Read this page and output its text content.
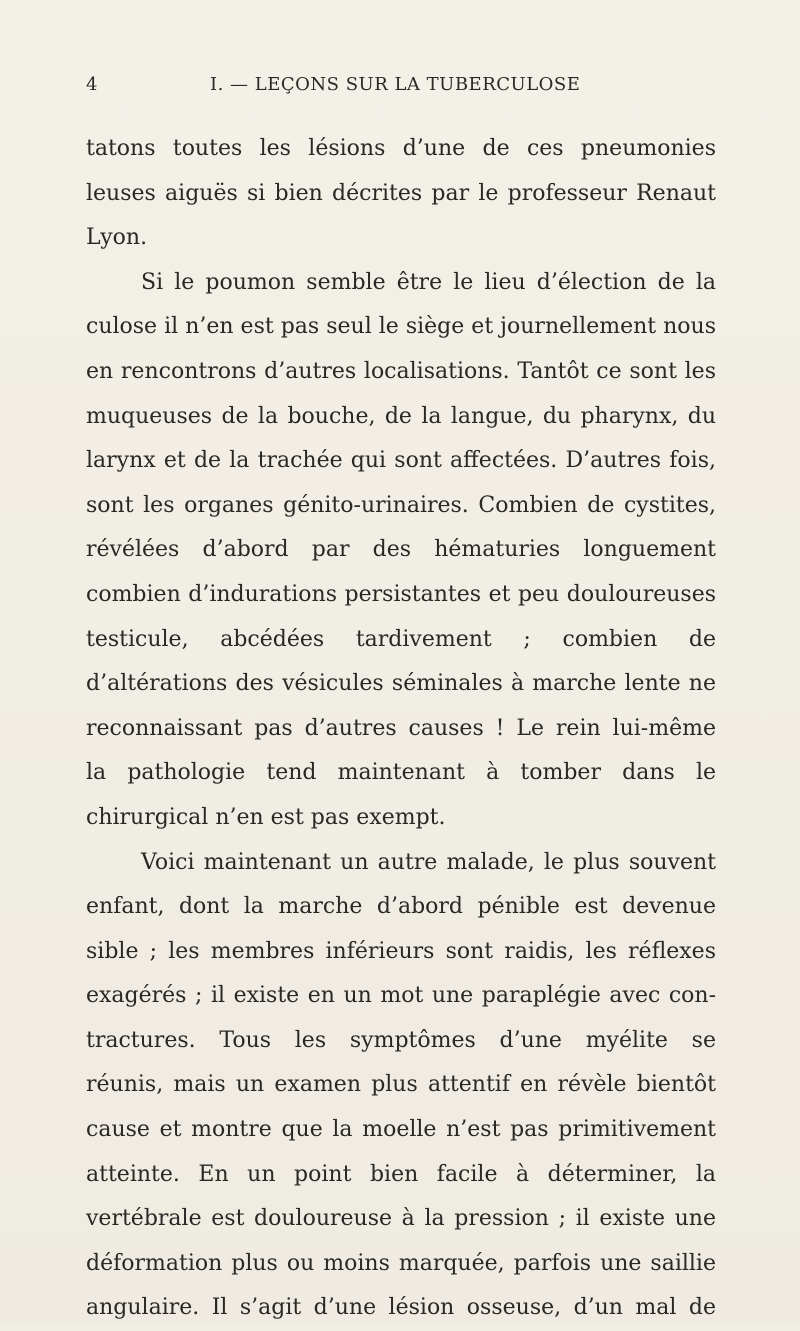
4	I. — LEÇONS SUR LA TUBERCULOSE
tatons toutes les lésions d’une de ces pneumonies
leuses aiguës si bien décrites par le professeur Renaut
Lyon.
Si le poumon semble être le lieu d’élection de la
culose il n’en est pas seul le siège et journellement nous
en rencontrons d’autres localisations. Tantôt ce sont les
muqueuses de la bouche, de la langue, du pharynx, du
larynx et de la trachée qui sont affectées. D’autres fois,
sont les organes génito-urinaires. Combien de cystites,
révélées d’abord par des hématuries longuement
combien d’indurations persistantes et peu douloureuses
testicule, abcédées tardivement ; combien de
d’altérations des vésicules séminales à marche lente ne
reconnaissant pas d’autres causes ! Le rein lui-même
la pathologie tend maintenant à tomber dans le
chirurgical n’en est pas exempt.
Voici maintenant un autre malade, le plus souvent
enfant, dont la marche d’abord pénible est devenue
sible ; les membres inférieurs sont raidis, les réflexes
exagérés ; il existe en un mot une paraplégie avec con-
tractures. Tous les symptômes d’une myélite se
réunis, mais un examen plus attentif en révèle bientôt
cause et montre que la moelle n’est pas primitivement
atteinte. En un point bien facile à déterminer, la
vertébrale est douloureuse à la pression ; il existe une
déformation plus ou moins marquée, parfois une saillie
angulaire. Il s’agit d’une lésion osseuse, d’un mal de
